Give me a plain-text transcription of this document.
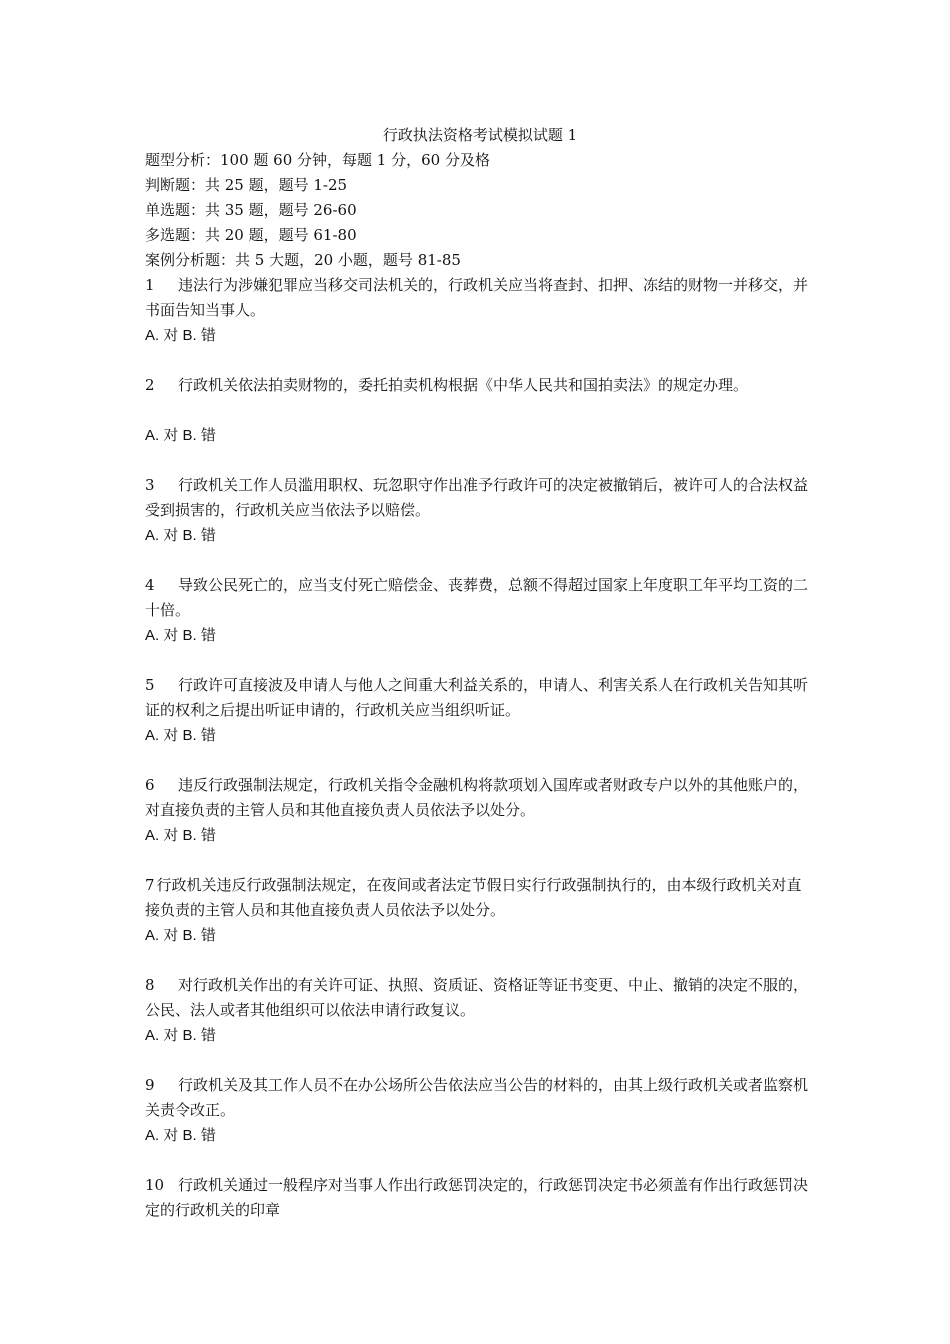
行政执法资格考试模拟试题 1

题型分析：100 题 60 分钟，每题 1 分，60 分及格

判断题：共 25 题，题号 1-25

单选题：共 35 题，题号 26-60

多选题：共 20 题，题号 61-80

案例分析题：共 5 大题，20 小题，题号 81-85

1 违法行为涉嫌犯罪应当移交司法机关的，行政机关应当将查封、扣押、冻结的财物一并移交，并书面告知当事人。

A. 对 B. 错

2 行政机关依法拍卖财物的，委托拍卖机构根据《中华人民共和国拍卖法》的规定办理。

A. 对 B. 错

3 行政机关工作人员滥用职权、玩忽职守作出准予行政许可的决定被撤销后，被许可人的合法权益受到损害的，行政机关应当依法予以赔偿。

A. 对 B. 错

4 导致公民死亡的，应当支付死亡赔偿金、丧葬费，总额不得超过国家上年度职工年平均工资的二十倍。

A. 对 B. 错

5 行政许可直接波及申请人与他人之间重大利益关系的，申请人、利害关系人在行政机关告知其听证的权利之后提出听证申请的，行政机关应当组织听证。

A. 对 B. 错

6 违反行政强制法规定，行政机关指令金融机构将款项划入国库或者财政专户以外的其他账户的，对直接负责的主管人员和其他直接负责人员依法予以处分。

A. 对 B. 错

7 行政机关违反行政强制法规定，在夜间或者法定节假日实行行政强制执行的，由本级行政机关对直接负责的主管人员和其他直接负责人员依法予以处分。

A. 对 B. 错

8 对行政机关作出的有关许可证、执照、资质证、资格证等证书变更、中止、撤销的决定不服的，公民、法人或者其他组织可以依法申请行政复议。

A. 对 B. 错

9 行政机关及其工作人员不在办公场所公告依法应当公告的材料的，由其上级行政机关或者监察机关责令改正。

A. 对 B. 错

10 行政机关通过一般程序对当事人作出行政惩罚决定的，行政惩罚决定书必须盖有作出行政惩罚决定的行政机关的印章
